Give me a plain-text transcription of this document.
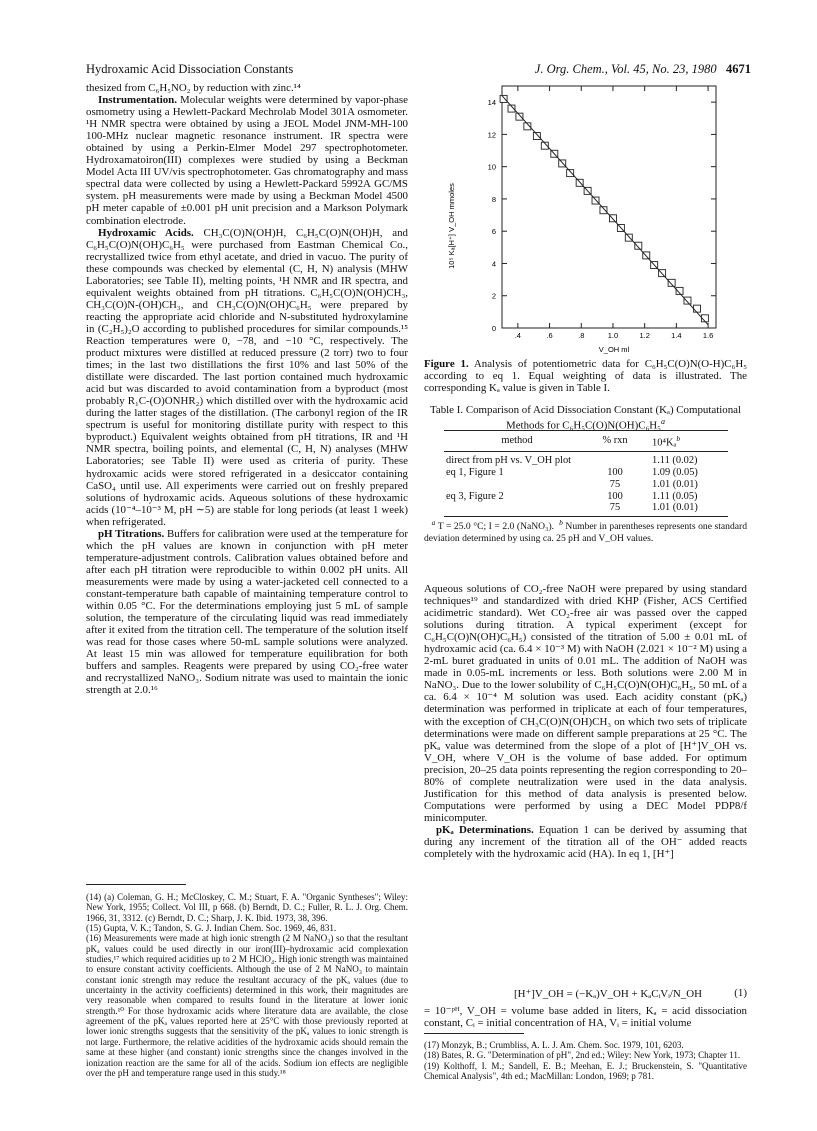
Hydroxamic Acid Dissociation Constants	J. Org. Chem., Vol. 45, No. 23, 1980 4671

thesized from C₆H₅NO₂ by reduction with zinc.¹⁴

Instrumentation. Molecular weights were determined by vapor-phase osmometry using a Hewlett-Packard Mechrolab Model 301A osmometer. ¹H NMR spectra were obtained by using a JEOL Model JNM-MH-100 100-MHz nuclear magnetic resonance instrument. IR spectra were obtained by using a Perkin-Elmer Model 297 spectrophotometer. Hydroxamatoiron(III) complexes were studied by using a Beckman Model Acta III UV/vis spectrophotometer. Gas chromatography and mass spectral data were collected by using a Hewlett-Packard 5992A GC/MS system. pH measurements were made by using a Beckman Model 4500 pH meter capable of ±0.001 pH unit precision and a Markson Polymark combination electrode.

Hydroxamic Acids. CH₃C(O)N(OH)H, C₆H₅C(O)N(OH)H, and C₆H₅C(O)N(OH)C₆H₅ were purchased from Eastman Chemical Co., recrystallized twice from ethyl acetate, and dried in vacuo. The purity of these compounds was checked by elemental (C, H, N) analysis (MHW Laboratories; see Table II), melting points, ¹H NMR and IR spectra, and equivalent weights obtained from pH titrations. C₆H₅C(O)N(OH)CH₃, CH₃C(O)N-(OH)CH₃, and CH₃C(O)N(OH)C₆H₅ were prepared by reacting the appropriate acid chloride and N-substituted hydroxylamine in (C₂H₅)₂O according to published procedures for similar compounds.¹⁵ Reaction temperatures were 0, −78, and −10 °C, respectively. The product mixtures were distilled at reduced pressure (2 torr) two to four times; in the last two distillations the first 10% and last 50% of the distillate were discarded. The last portion contained much hydroxamic acid but was discarded to avoid contamination from a byproduct (most probably R₁C-(O)ONHR₂) which distilled over with the hydroxamic acid during the latter stages of the distillation. (The carbonyl region of the IR spectrum is useful for monitoring distillate purity with respect to this byproduct.) Equivalent weights obtained from pH titrations, IR and ¹H NMR spectra, boiling points, and elemental (C, H, N) analyses (MHW Laboratories; see Table II) were used as criteria of purity. These hydroxamic acids were stored refrigerated in a desiccator containing CaSO₄ until use. All experiments were carried out on freshly prepared solutions of hydroxamic acids. Aqueous solutions of these hydroxamic acids (10⁻⁴–10⁻³ M, pH ∼5) are stable for long periods (at least 1 week) when refrigerated.

pH Titrations. Buffers for calibration were used at the temperature for which the pH values are known in conjunction with pH meter temperature-adjustment controls. Calibration values obtained before and after each pH titration were reproducible to within 0.002 pH units. All measurements were made by using a water-jacketed cell connected to a constant-temperature bath capable of maintaining temperature control to within 0.05 °C. For the determinations employing just 5 mL of sample solution, the temperature of the circulating liquid was read immediately after it exited from the titration cell. The temperature of the solution itself was read for those cases where 50-mL sample solutions were analyzed. At least 15 min was allowed for temperature equilibration for both buffers and samples. Reagents were prepared by using CO₂-free water and recrystallized NaNO₃. Sodium nitrate was used to maintain the ionic strength at 2.0.¹⁶

(14) (a) Coleman, G. H.; McCloskey, C. M.; Stuart, F. A. "Organic Syntheses"; Wiley: New York, 1955; Collect. Vol III, p 668. (b) Berndt, D. C.; Fuller, R. L. J. Org. Chem. 1966, 31, 3312. (c) Berndt, D. C.; Sharp, J. K. Ibid. 1973, 38, 396.

(15) Gupta, V. K.; Tandon, S. G. J. Indian Chem. Soc. 1969, 46, 831.

(16) Measurements were made at high ionic strength (2 M NaNO₃) so that the resultant pKₐ values could be used directly in our iron(III)–hydroxamic acid complexation studies,¹⁷ which required acidities up to 2 M HClO₄. High ionic strength was maintained to ensure constant activity coefficients. Although the use of 2 M NaNO₃ to maintain constant ionic strength may reduce the resultant accuracy of the pKₐ values (due to uncertainty in the activity coefficients) determined in this work, their magnitudes are very reasonable when compared to results found in the literature at lower ionic strength.¹⁰ For those hydroxamic acids where literature data are available, the close agreement of the pKₐ values reported here at 25°C with those previously reported at lower ionic strengths suggests that the sensitivity of the pKₐ values to ionic strength is not large. Furthermore, the relative acidities of the hydroxamic acids should remain the same at these higher (and constant) ionic strengths since the changes involved in the ionization reaction are the same for all of the acids. Sodium ion effects are negligible over the pH and temperature range used in this study.¹⁸

.4	.6	.8	1.0	1.2	1.4	1.6
0
2
4
6
8
10
12
14
10⁵ Kₐ[H⁺] V_OH mmoles
V_OH ml
Figure 1. Analysis of potentiometric data for C₆H₅C(O)N(O-H)C₆H₅ according to eq 1. Equal weighting of data is illustrated. The corresponding Kₐ value is given in Table I.
Table I. Comparison of Acid Dissociation Constant (Kₐ) Computational Methods for C₆H₅C(O)N(OH)C₆H₅$^a$
method	% rxn	10⁴Kₐ$^b$
direct from pH vs. V_OH plot		1.11 (0.02)
eq 1, Figure 1	100	1.09 (0.05)
	75	1.01 (0.01)
eq 3, Figure 2	100	1.11 (0.05)
	75	1.01 (0.01)
$^a$ T = 25.0 °C; I = 2.0 (NaNO₃). $^b$ Number in parentheses represents one standard deviation determined by using ca. 25 pH and V_OH values.

Aqueous solutions of CO₂-free NaOH were prepared by using standard techniques¹⁹ and standardized with dried KHP (Fisher, ACS Certified acidimetric standard). Wet CO₂-free air was passed over the capped solutions during titration. A typical experiment (except for C₆H₅C(O)N(OH)C₆H₅) consisted of the titration of 5.00 ± 0.01 mL of hydroxamic acid (ca. 6.4 × 10⁻³ M) with NaOH (2.021 × 10⁻² M) using a 2-mL buret graduated in units of 0.01 mL. The addition of NaOH was made in 0.05-mL increments or less. Both solutions were 2.00 M in NaNO₃. Due to the lower solubility of C₆H₅C(O)N(OH)C₆H₅, 50 mL of a ca. 6.4 × 10⁻⁴ M solution was used. Each acidity constant (pKₐ) determination was performed in triplicate at each of four temperatures, with the exception of CH₃C(O)N(OH)CH₃ on which two sets of triplicate determinations were made on different sample preparations at 25 °C. The pKₐ value was determined from the slope of a plot of [H⁺]V_OH vs. V_OH, where V_OH is the volume of base added. For optimum precision, 20–25 data points representing the region corresponding to 20–80% of complete neutralization were used in the data analysis. Justification for this method of data analysis is presented below. Computations were performed by using a DEC Model PDP8/f minicomputer.

pKₐ Determinations. Equation 1 can be derived by assuming that during any increment of the titration all of the OH⁻ added reacts completely with the hydroxamic acid (HA). In eq 1, [H⁺]

[H⁺]V_OH = (−Kₐ)V_OH + KₐCᵢVᵢ/N_OH	(1)
= 10⁻ᵖᴴ, V_OH = volume base added in liters, Kₐ = acid dissociation constant, Cᵢ = initial concentration of HA, Vᵢ = initial volume

(17) Monzyk, B.; Crumbliss, A. L. J. Am. Chem. Soc. 1979, 101, 6203.

(18) Bates, R. G. "Determination of pH", 2nd ed.; Wiley: New York, 1973; Chapter 11.

(19) Kolthoff, I. M.; Sandell, E. B.; Meehan, E. J.; Bruckenstein, S. "Quantitative Chemical Analysis", 4th ed.; MacMillan: London, 1969; p 781.
